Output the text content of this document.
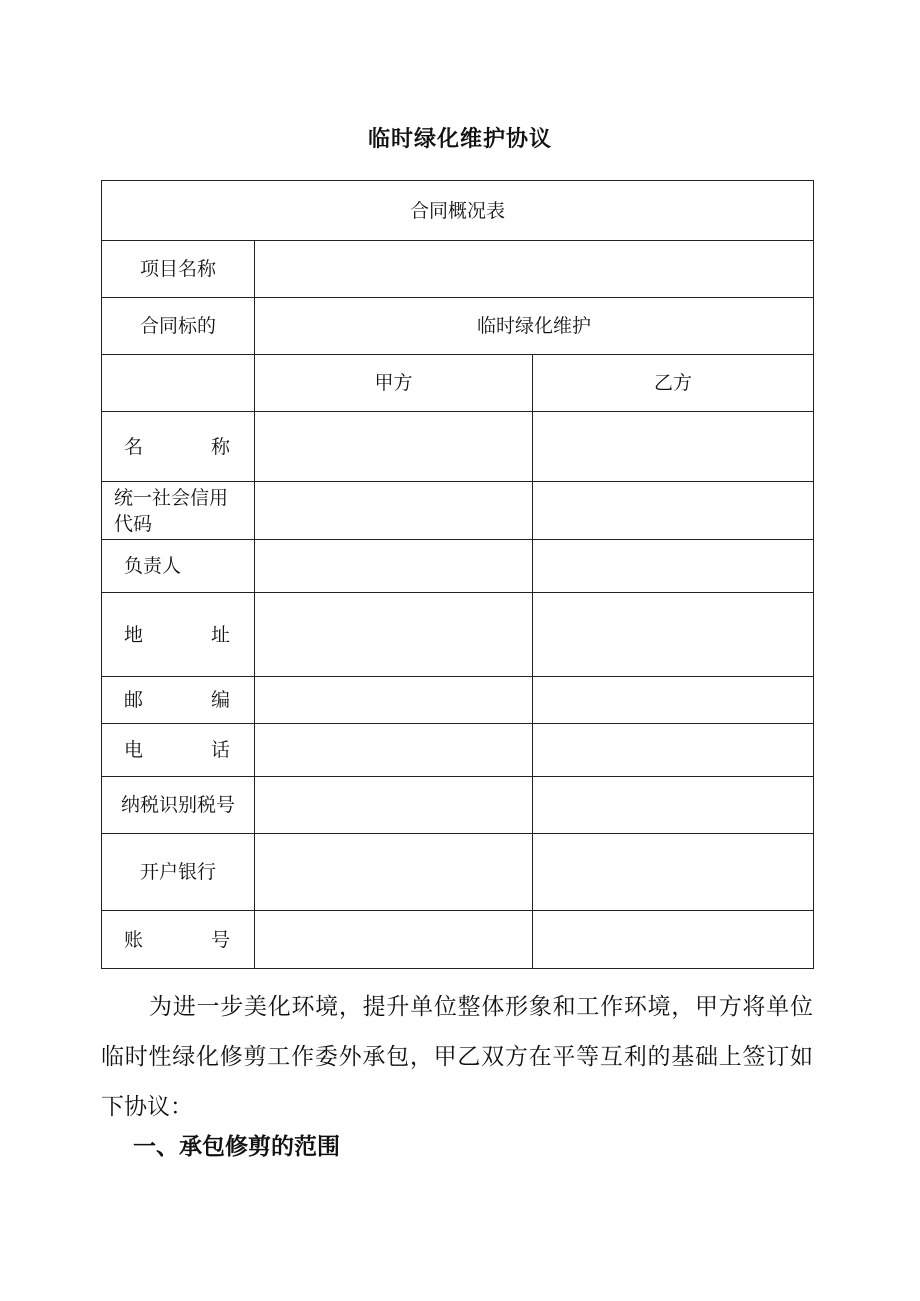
临时绿化维护协议
合同概况表		
项目名称		
合同标的	临时绿化维护	
	甲方	乙方

名 称		

统一社会信用代码		

负责人		

地 址		

邮 编		

电 话		

纳税识别税号		
开户银行		

账 号		

为进一步美化环境，提升单位整体形象和工作环境，甲方将单位临时性绿化修剪工作委外承包，甲乙双方在平等互利的基础上签订如下协议：

一、承包修剪的范围
